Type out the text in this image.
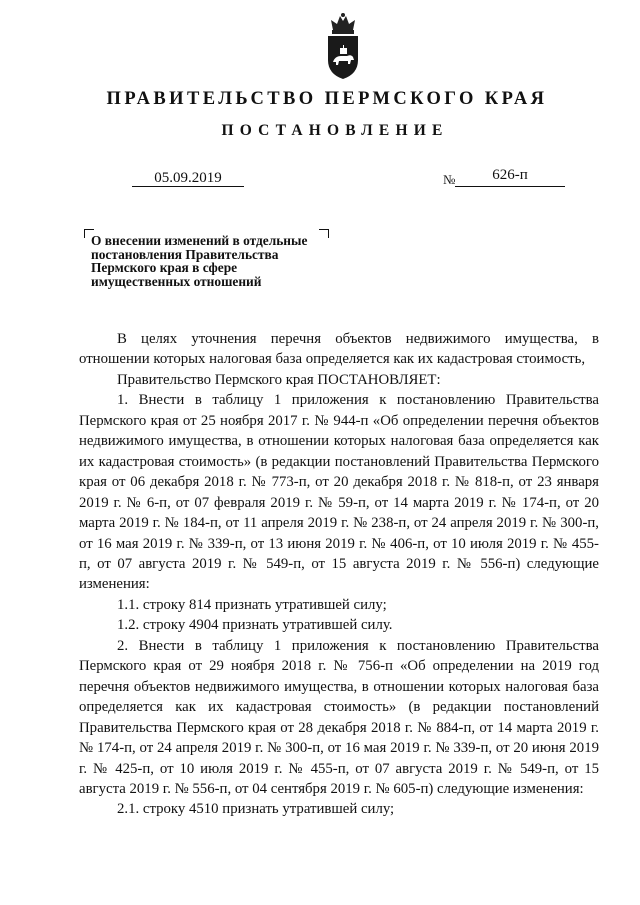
ПРАВИТЕЛЬСТВО ПЕРМСКОГО КРАЯ
ПОСТАНОВЛЕНИЕ
05.09.2019	№	626-п
О внесении изменений в отдельные
постановления Правительства
Пермского края в сфере
имущественных отношений

В целях уточнения перечня объектов недвижимого имущества, в отношении которых налоговая база определяется как их кадастровая стоимость,

Правительство Пермского края ПОСТАНОВЛЯЕТ:

1. Внести в таблицу 1 приложения к постановлению Правительства Пермского края от 25 ноября 2017 г. № 944-п «Об определении перечня объектов недвижимого имущества, в отношении которых налоговая база определяется как их кадастровая стоимость» (в редакции постановлений Правительства Пермского края от 06 декабря 2018 г. № 773-п, от 20 декабря 2018 г. № 818-п, от 23 января 2019 г. № 6-п, от 07 февраля 2019 г. № 59-п, от 14 марта 2019 г. № 174-п, от 20 марта 2019 г. № 184-п, от 11 апреля 2019 г. № 238-п, от 24 апреля 2019 г. № 300-п, от 16 мая 2019 г. № 339-п, от 13 июня 2019 г. № 406-п, от 10 июля 2019 г. № 455-п, от 07 августа 2019 г. № 549-п, от 15 августа 2019 г. № 556-п) следующие изменения:

1.1. строку 814 признать утратившей силу;

1.2. строку 4904 признать утратившей силу.

2. Внести в таблицу 1 приложения к постановлению Правительства Пермского края от 29 ноября 2018 г. № 756-п «Об определении на 2019 год перечня объектов недвижимого имущества, в отношении которых налоговая база определяется как их кадастровая стоимость» (в редакции постановлений Правительства Пермского края от 28 декабря 2018 г. № 884-п, от 14 марта 2019 г. № 174-п, от 24 апреля 2019 г. № 300-п, от 16 мая 2019 г. № 339-п, от 20 июня 2019 г. № 425-п, от 10 июля 2019 г. № 455-п, от 07 августа 2019 г. № 549-п, от 15 августа 2019 г. № 556-п, от 04 сентября 2019 г. № 605-п) следующие изменения:

2.1. строку 4510 признать утратившей силу;
